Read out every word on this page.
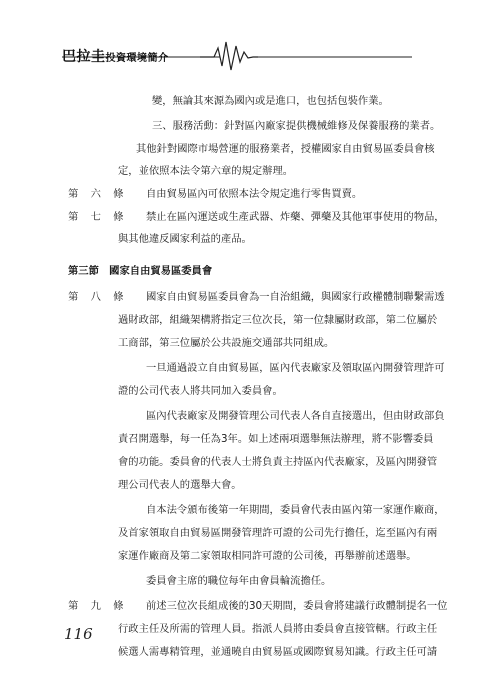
巴拉圭投資環境簡介
變，無論其來源為國內或是進口，也包括包裝作業。
三、服務活動：針對區內廠家提供機械維修及保養服務的業者。
其他針對國際市場營運的服務業者，授權國家自由貿易區委員會核
定，並依照本法令第六章的規定辦理。
第　六　條 自由貿易區內可依照本法令規定進行零售買賣。
第　七　條 禁止在區內運送或生產武器、炸藥、彈藥及其他軍事使用的物品，
與其他違反國家利益的產品。
第三節　國家自由貿易區委員會
第　八　條 國家自由貿易區委員會為一自治組織，與國家行政權體制聯繫需透
過財政部，組織架構將指定三位次長，第一位隸屬財政部，第二位屬於
工商部，第三位屬於公共設施交通部共同組成。
一旦通過設立自由貿易區，區內代表廠家及領取區內開發管理許可
證的公司代表人將共同加入委員會。
區內代表廠家及開發管理公司代表人各自直接選出，但由財政部負
責召開選舉，每一任為3年。如上述兩項選舉無法辦理，將不影響委員
會的功能。委員會的代表人士將負責主持區內代表廠家，及區內開發管
理公司代表人的選舉大會。
自本法令頒布後第一年期間，委員會代表由區內第一家運作廠商，
及首家領取自由貿易區開發管理許可證的公司先行擔任，迄至區內有兩
家運作廠商及第二家領取相同許可證的公司後，再舉辦前述選舉。
委員會主席的職位每年由會員輪流擔任。
第　九　條 前述三位次長組成後的30天期間，委員會將建議行政體制提名一位
行政主任及所需的管理人員。指派人員將由委員會直接管轄。行政主任
候選人需專精管理，並通曉自由貿易區或國際貿易知識。行政主任可請
116
